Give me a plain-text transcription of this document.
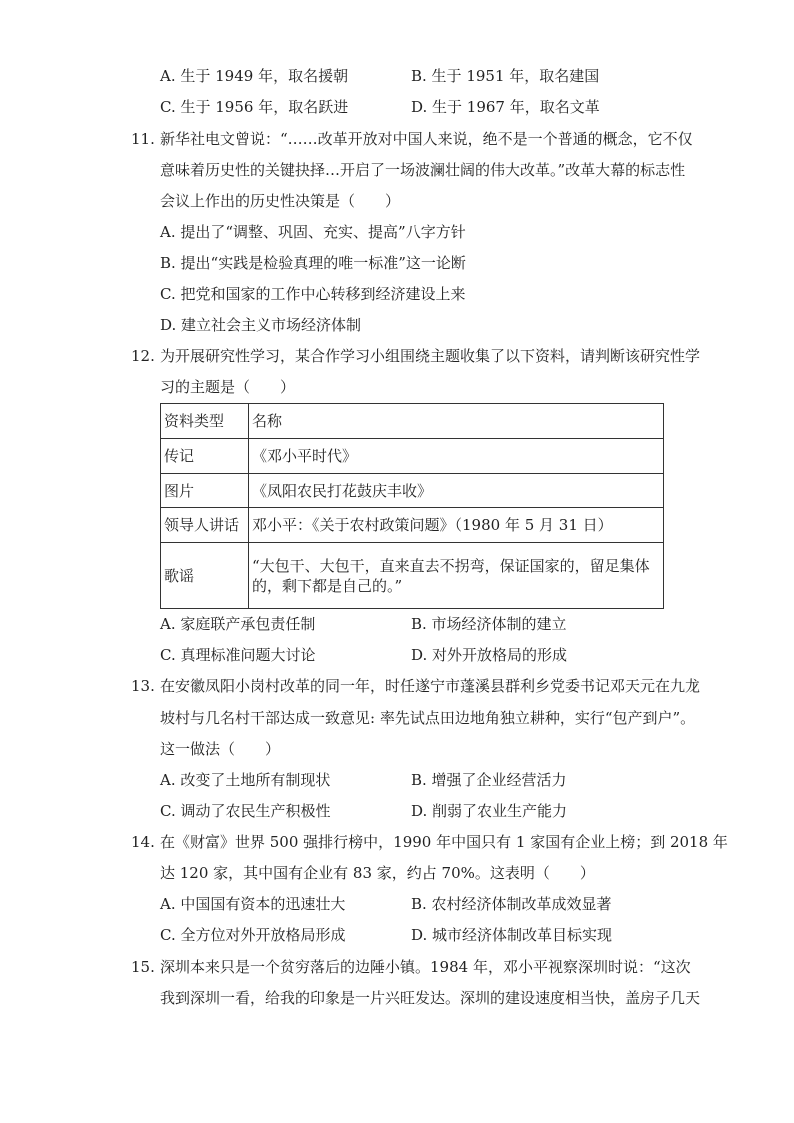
A. 生于 1949 年，取名援朝	B. 生于 1951 年，取名建国
C. 生于 1956 年，取名跃进	D. 生于 1967 年，取名文革
11. 新华社电文曾说：“……改革开放对中国人来说，绝不是一个普通的概念，它不仅
意味着历史性的关键抉择…开启了一场波澜壮阔的伟大改革。”改革大幕的标志性
会议上作出的历史性决策是（　　）
A. 提出了“调整、巩固、充实、提高”八字方针
B. 提出“实践是检验真理的唯一标准”这一论断
C. 把党和国家的工作中心转移到经济建设上来
D. 建立社会主义市场经济体制
12. 为开展研究性学习，某合作学习小组围绕主题收集了以下资料，请判断该研究性学
习的主题是（　　）
资料类型	名称
传记	《邓小平时代》
图片	《凤阳农民打花鼓庆丰收》
领导人讲话	邓小平：《关于农村政策问题》（1980 年 5 月 31 日）
歌谣	“大包干、大包干，直来直去不拐弯，保证国家的，留足集体的，剩下都是自己的。”
A. 家庭联产承包责任制	B. 市场经济体制的建立
C. 真理标准问题大讨论	D. 对外开放格局的形成
13. 在安徽凤阳小岗村改革的同一年，时任遂宁市蓬溪县群利乡党委书记邓天元在九龙
坡村与几名村干部达成一致意见: 率先试点田边地角独立耕种，实行“包产到户”。
这一做法（　　）
A. 改变了土地所有制现状	B. 增强了企业经营活力
C. 调动了农民生产积极性	D. 削弱了农业生产能力
14. 在《财富》世界 500 强排行榜中，1990 年中国只有 1 家国有企业上榜；到 2018 年
达 120 家，其中国有企业有 83 家，约占 70%。这表明（　　）
A. 中国国有资本的迅速壮大	B. 农村经济体制改革成效显著
C. 全方位对外开放格局形成	D. 城市经济体制改革目标实现
15. 深圳本来只是一个贫穷落后的边陲小镇。1984 年，邓小平视察深圳时说：“这次
我到深圳一看，给我的印象是一片兴旺发达。深圳的建设速度相当快，盖房子几天
